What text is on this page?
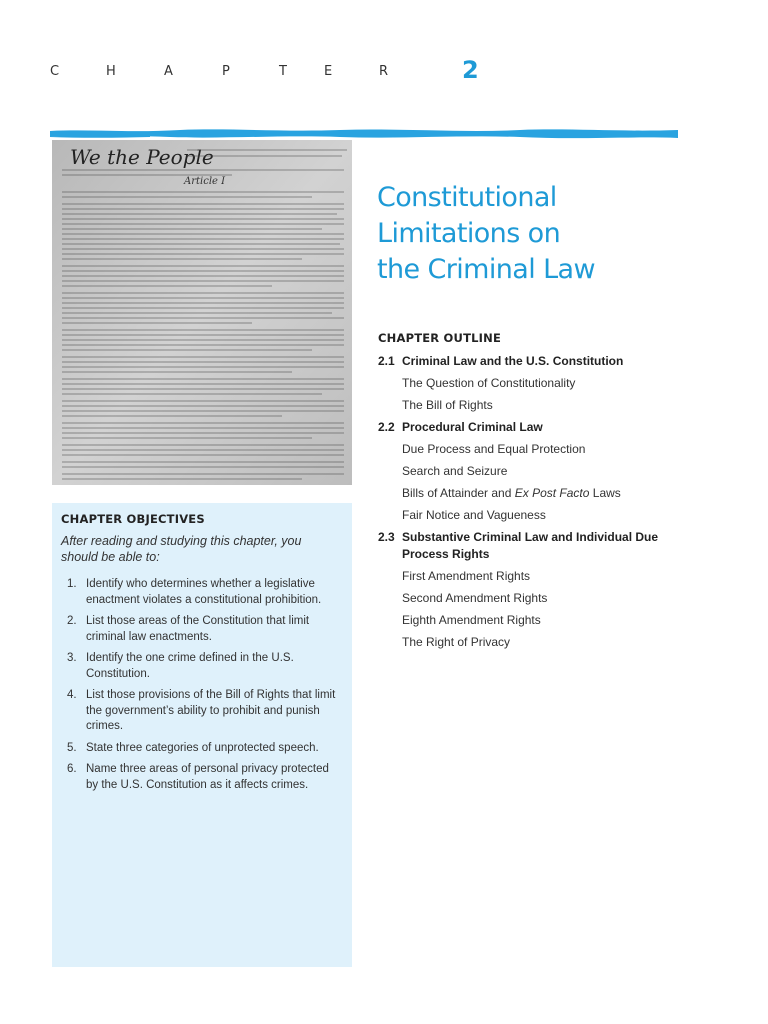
C	H	A	P	T	E	R	2
We the People
Article I
CHAPTER OBJECTIVES
After reading and studying this chapter, you should be able to:
1. Identify who determines whether a legislative enactment violates a constitutional prohibition.
2. List those areas of the Constitution that limit criminal law enactments.
3. Identify the one crime defined in the U.S. Constitution.
4. List those provisions of the Bill of Rights that limit the government’s ability to prohibit and punish crimes.
5. State three categories of unprotected speech.
6. Name three areas of personal privacy protected by the U.S. Constitution as it affects crimes.
Constitutional
Limitations on
the Criminal Law
CHAPTER OUTLINE
2.1 Criminal Law and the U.S. Constitution
The Question of Constitutionality
The Bill of Rights
2.2 Procedural Criminal Law
Due Process and Equal Protection
Search and Seizure
Bills of Attainder and Ex Post Facto Laws
Fair Notice and Vagueness
2.3 Substantive Criminal Law and Individual Due Process Rights
First Amendment Rights
Second Amendment Rights
Eighth Amendment Rights
The Right of Privacy
